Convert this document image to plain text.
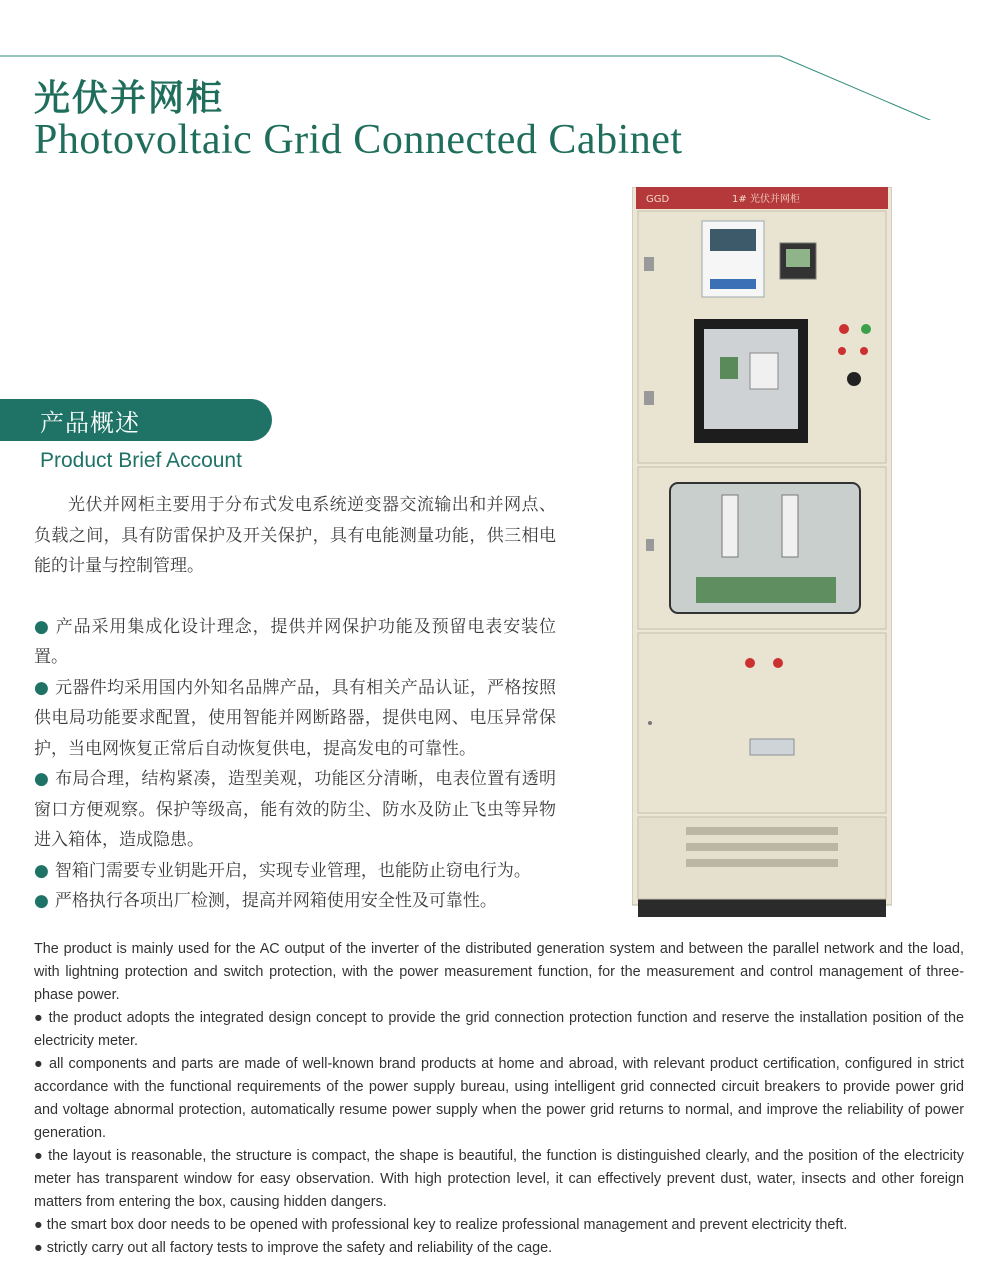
光伏并网柜
Photovoltaic Grid Connected Cabinet
产品概述
Product Brief Account

光伏并网柜主要用于分布式发电系统逆变器交流输出和并网点、负载之间，具有防雷保护及开关保护，具有电能测量功能，供三相电能的计量与控制管理。

● 产品采用集成化设计理念，提供并网保护功能及预留电表安装位置。

● 元器件均采用国内外知名品牌产品，具有相关产品认证，严格按照供电局功能要求配置，使用智能并网断路器，提供电网、电压异常保护，当电网恢复正常后自动恢复供电，提高发电的可靠性。

● 布局合理，结构紧凑，造型美观，功能区分清晰，电表位置有透明窗口方便观察。保护等级高，能有效的防尘、防水及防止飞虫等异物进入箱体，造成隐患。

● 智箱门需要专业钥匙开启，实现专业管理，也能防止窃电行为。

● 严格执行各项出厂检测，提高并网箱使用安全性及可靠性。

GGD	1# 光伏并网柜

The product is mainly used for the AC output of the inverter of the distributed generation system and between the parallel network and the load, with lightning protection and switch protection, with the power measurement function, for the measurement and control management of three-phase power.

● the product adopts the integrated design concept to provide the grid connection protection function and reserve the installation position of the electricity meter.

● all components and parts are made of well-known brand products at home and abroad, with relevant product certification, configured in strict accordance with the functional requirements of the power supply bureau, using intelligent grid connected circuit breakers to provide power grid and voltage abnormal protection, automatically resume power supply when the power grid returns to normal, and improve the reliability of power generation.

● the layout is reasonable, the structure is compact, the shape is beautiful, the function is distinguished clearly, and the position of the electricity meter has transparent window for easy observation. With high protection level, it can effectively prevent dust, water, insects and other foreign matters from entering the box, causing hidden dangers.

● the smart box door needs to be opened with professional key to realize professional management and prevent electricity theft.

● strictly carry out all factory tests to improve the safety and reliability of the cage.
